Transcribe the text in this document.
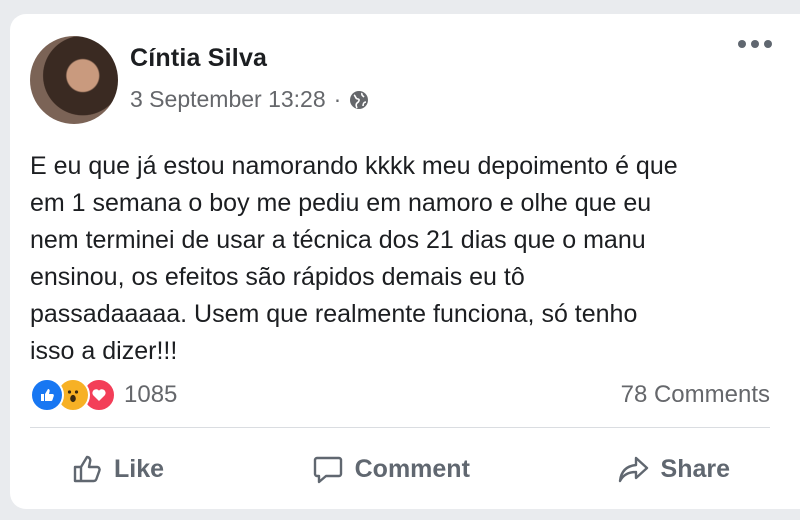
Cíntia Silva
3 September 13:28 ·
E eu que já estou namorando kkkk meu depoimento é que
em 1 semana o boy me pediu em namoro e olhe que eu
nem terminei de usar a técnica dos 21 dias que o manu
ensinou, os efeitos são rápidos demais eu tô
passadaaaaa. Usem que realmente funciona, só tenho
isso a dizer!!!
1085	78 Comments
Like	Comment	Share
